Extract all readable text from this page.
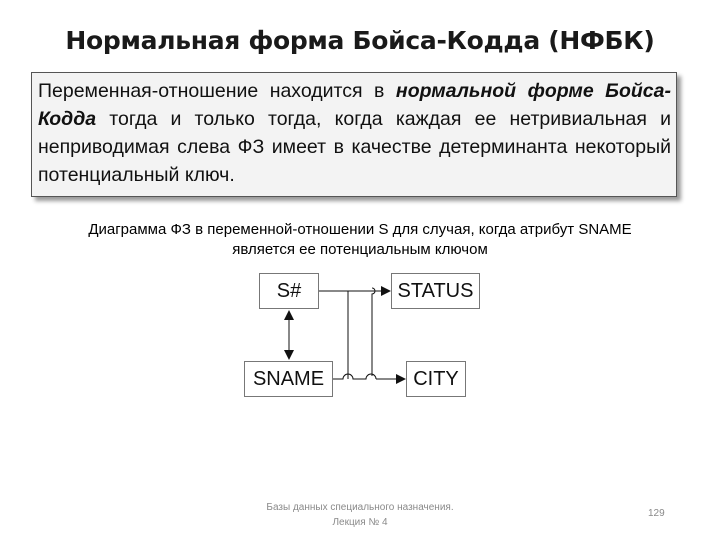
Нормальная форма Бойса-Кодда (НФБК)
Переменная-отношение находится в нормальной форме Бойса-Кодда тогда и только тогда, когда каждая ее нетривиальная и неприводимая слева ФЗ имеет в качестве детерминанта некоторый потенциальный ключ.
Диаграмма ФЗ в переменной-отношении S для случая, когда атрибут SNAME
является ее потенциальным ключом
S#	STATUS
SNAME	CITY
Базы данных специального назначения.
Лекция № 4
129
